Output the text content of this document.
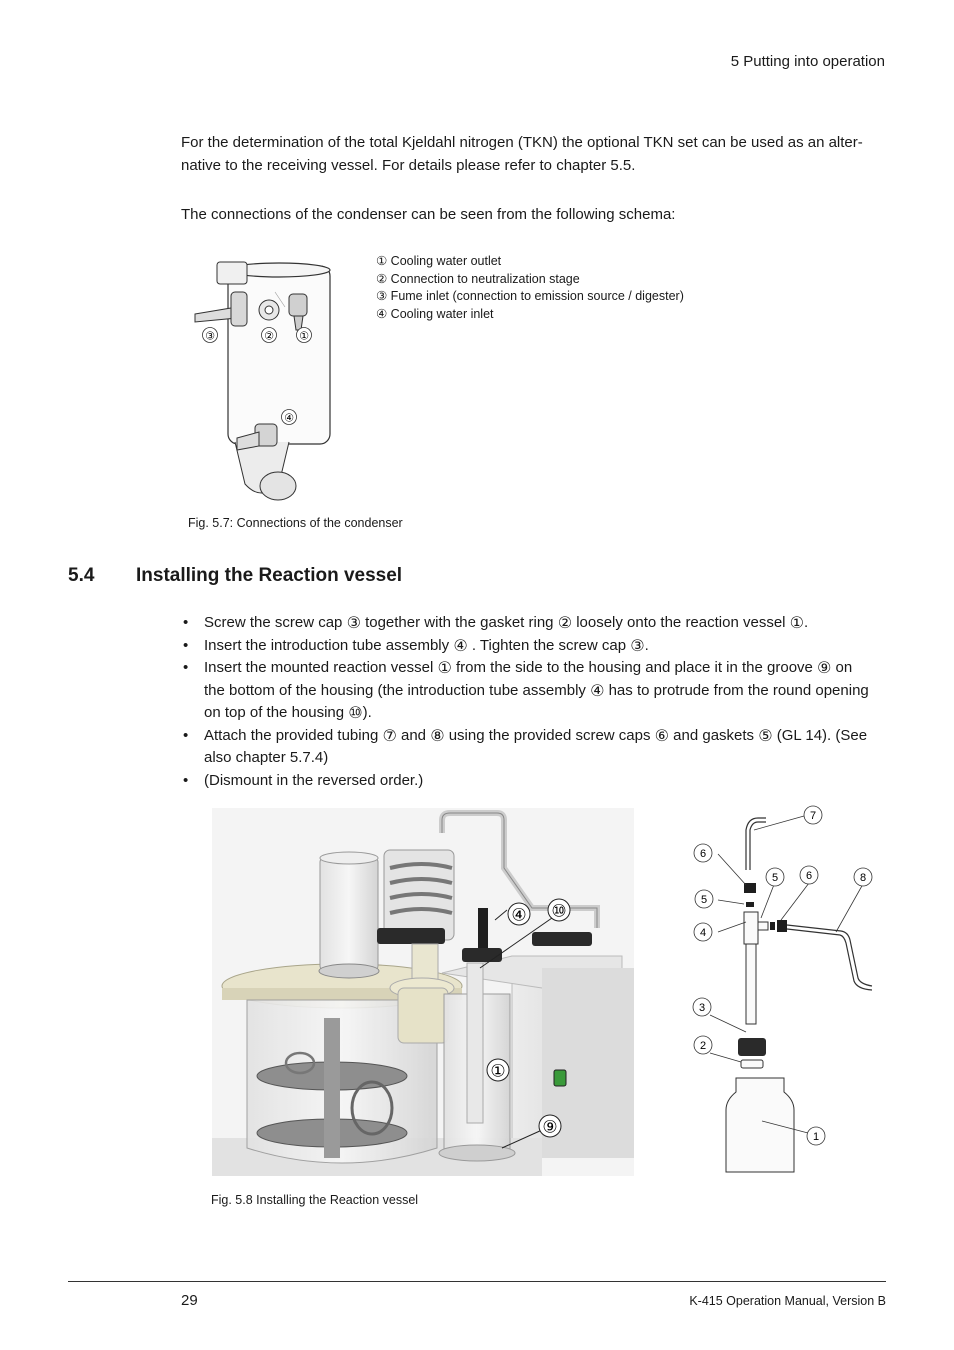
5 Putting into operation
For the determination of the total Kjeldahl nitrogen (TKN) the optional TKN set can be used as an alter-native to the receiving vessel. For details please refer to chapter 5.5.
The connections of the condenser can be seen from the following schema:
③	② ①
④
① Cooling water outlet
② Connection to neutralization stage
③ Fume inlet (connection to emission source / digester)
④ Cooling water inlet
Fig. 5.7: Connections of the condenser
5.4 Installing the Reaction vessel
• Screw the screw cap ③ together with the gasket ring ② loosely onto the reaction vessel ①.
• Insert the introduction tube assembly ④ . Tighten the screw cap ③.
• Insert the mounted reaction vessel ① from the side to the housing and place it in the groove ⑨ on the bottom of the housing (the introduction tube assembly ④ has to protrude from the round opening on top of the housing ⑩).
• Attach the provided tubing ⑦ and ⑧ using the provided screw caps ⑥ and gaskets ⑤ (GL 14). (See also chapter 5.7.4)
• (Dismount in the reversed order.)
④ ⑩
①
⑨
7
6
5	6	8
5
4
3
2
1
Fig. 5.8 Installing the Reaction vessel
29	K-415 Operation Manual, Version B
